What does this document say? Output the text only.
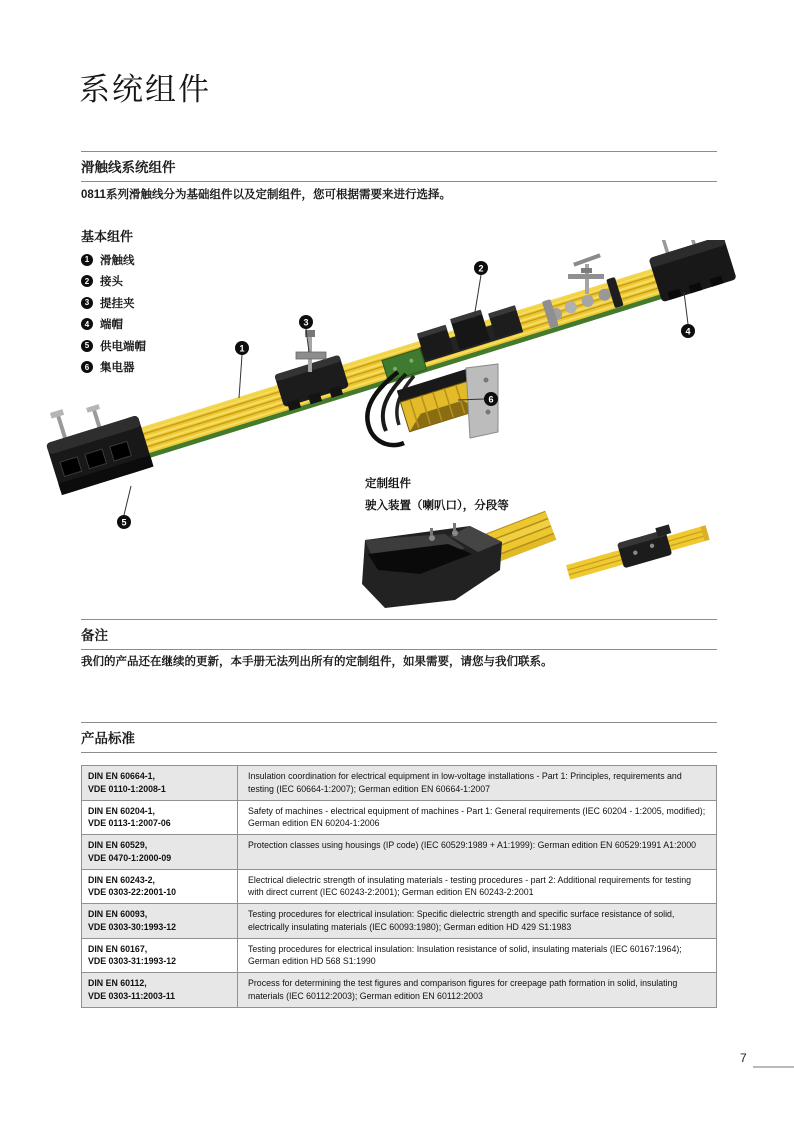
系统组件
滑触线系统组件
0811系列滑触线分为基础组件以及定制组件，您可根据需要来进行选择。
基本组件
1 滑触线
2 接头
3 提挂夹
4 端帽
5 供电端帽
6 集电器
1
2
3
4
5
6
定制组件
驶入装置（喇叭口），分段等
备注
我们的产品还在继续的更新，本手册无法列出所有的定制组件，如果需要，请您与我们联系。
产品标准
DIN EN 60664-1,
VDE 0110-1:2008-1	Insulation coordination for electrical equipment in low-voltage installations - Part 1: Principles, requirements and testing (IEC 60664-1:2007); German edition EN 60664-1:2007
DIN EN 60204-1,
VDE 0113-1:2007-06	Safety of machines - electrical equipment of machines - Part 1: General requirements (IEC 60204 - 1:2005, modified); German edition EN 60204-1:2006
DIN EN 60529,
VDE 0470-1:2000-09	Protection classes using housings (IP code) (IEC 60529:1989 + A1:1999): German edition EN 60529:1991 A1:2000
DIN EN 60243-2,
VDE 0303-22:2001-10	Electrical dielectric strength of insulating materials - testing procedures - part 2: Additional requirements for testing with direct current (IEC 60243-2:2001); German edition EN 60243-2:2001
DIN EN 60093,
VDE 0303-30:1993-12	Testing procedures for electrical insulation: Specific dielectric strength and specific surface resistance of solid, electrically insulating materials (IEC 60093:1980); German edition HD 429 S1:1983
DIN EN 60167,
VDE 0303-31:1993-12	Testing procedures for electrical insulation: Insulation resistance of solid, insulating materials (IEC 60167:1964); German edition HD 568 S1:1990
DIN EN 60112,
VDE 0303-11:2003-11	Process for determining the test figures and comparison figures for creepage path formation in solid, insulating materials (IEC 60112:2003); German edition EN 60112:2003
7
